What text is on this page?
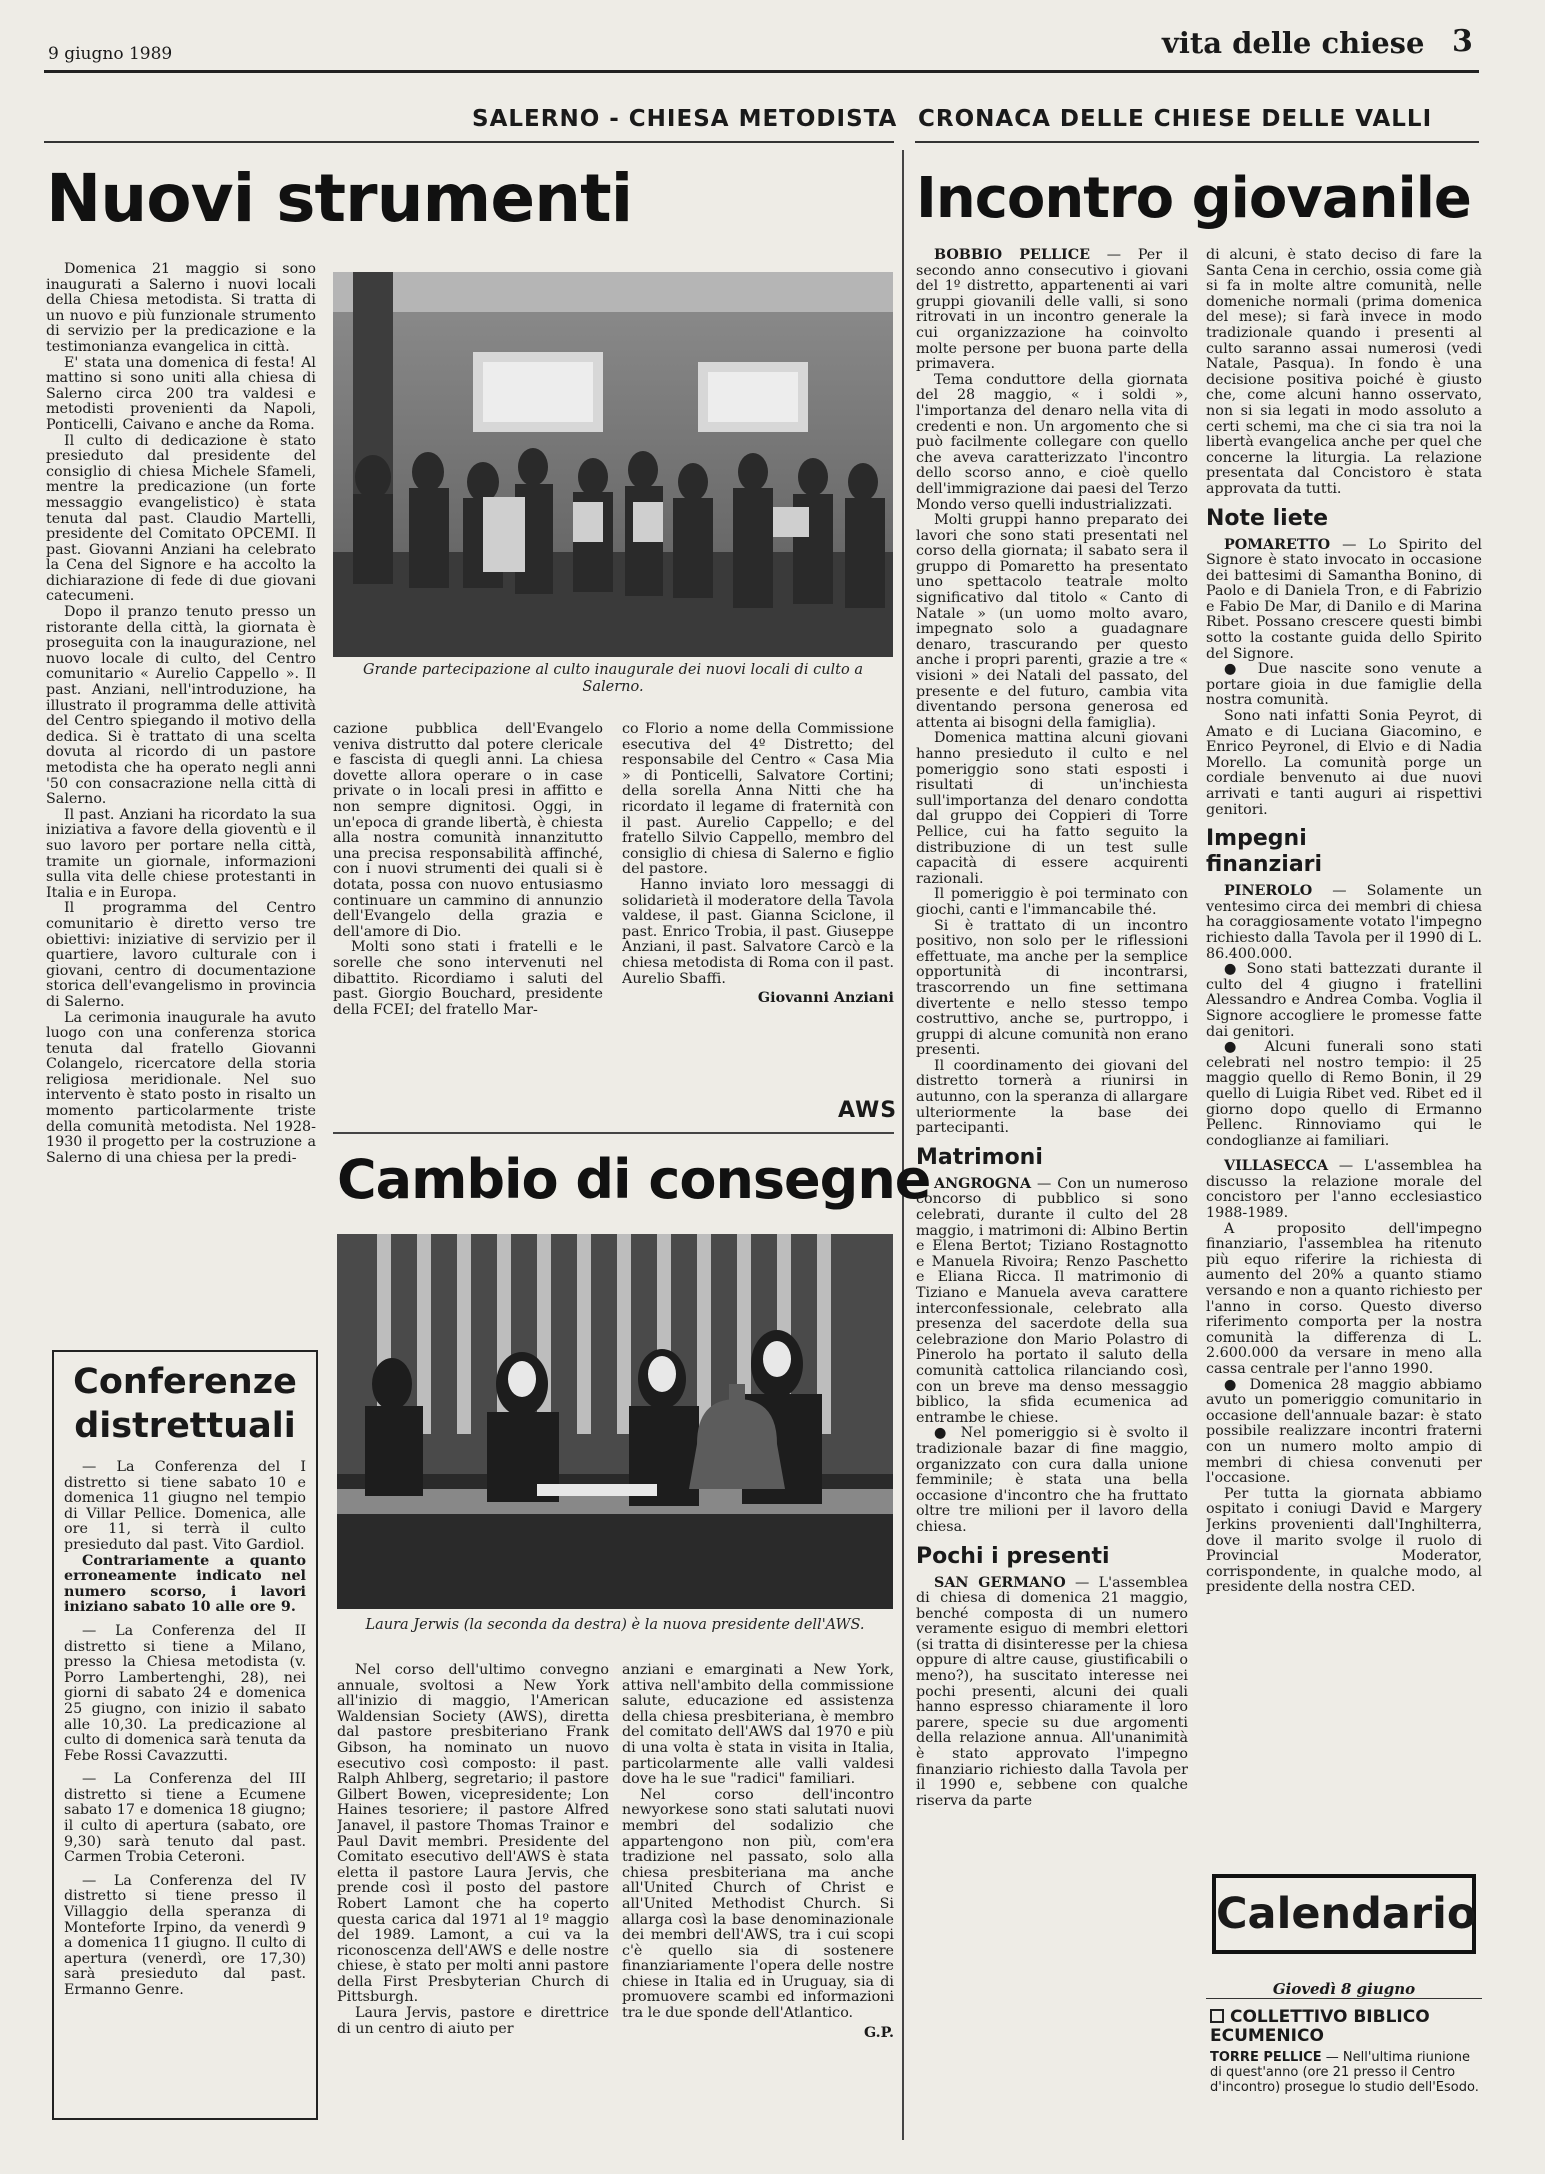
9 giugno 1989	vita delle chiese 3
SALERNO - CHIESA METODISTA
Nuovi strumenti
CRONACA DELLE CHIESE DELLE VALLI
Incontro giovanile

Domenica 21 maggio si sono inaugurati a Salerno i nuovi locali della Chiesa metodista. Si tratta di un nuovo e più funzionale strumento di servizio per la predicazione e la testimonianza evangelica in città.

E' stata una domenica di festa! Al mattino si sono uniti alla chiesa di Salerno circa 200 tra valdesi e metodisti provenienti da Napoli, Ponticelli, Caivano e anche da Roma.

Il culto di dedicazione è stato presieduto dal presidente del consiglio di chiesa Michele Sfameli, mentre la predicazione (un forte messaggio evangelistico) è stata tenuta dal past. Claudio Martelli, presidente del Comitato OPCEMI. Il past. Giovanni Anziani ha celebrato la Cena del Signore e ha accolto la dichiarazione di fede di due giovani catecumeni.

Dopo il pranzo tenuto presso un ristorante della città, la giornata è proseguita con la inaugurazione, nel nuovo locale di culto, del Centro comunitario « Aurelio Cappello ». Il past. Anziani, nell'introduzione, ha illustrato il programma delle attività del Centro spiegando il motivo della dedica. Si è trattato di una scelta dovuta al ricordo di un pastore metodista che ha operato negli anni '50 con consacrazione nella città di Salerno.

Il past. Anziani ha ricordato la sua iniziativa a favore della gioventù e il suo lavoro per portare nella città, tramite un giornale, informazioni sulla vita delle chiese protestanti in Italia e in Europa.

Il programma del Centro comunitario è diretto verso tre obiettivi: iniziative di servizio per il quartiere, lavoro culturale con i giovani, centro di documentazione storica dell'evangelismo in provincia di Salerno.

La cerimonia inaugurale ha avuto luogo con una conferenza storica tenuta dal fratello Giovanni Colangelo, ricercatore della storia religiosa meridionale. Nel suo intervento è stato posto in risalto un momento particolarmente triste della comunità metodista. Nel 1928-1930 il progetto per la costruzione a Salerno di una chiesa per la predi-

Grande partecipazione al culto inaugurale dei nuovi locali di culto a Salerno.

cazione pubblica dell'Evangelo veniva distrutto dal potere clericale e fascista di quegli anni. La chiesa dovette allora operare o in case private o in locali presi in affitto e non sempre dignitosi. Oggi, in un'epoca di grande libertà, è chiesta alla nostra comunità innanzitutto una precisa responsabilità affinché, con i nuovi strumenti dei quali si è dotata, possa con nuovo entusiasmo continuare un cammino di annunzio dell'Evangelo della grazia e dell'amore di Dio.

Molti sono stati i fratelli e le sorelle che sono intervenuti nel dibattito. Ricordiamo i saluti del past. Giorgio Bouchard, presidente della FCEI; del fratello Mar-

co Florio a nome della Commissione esecutiva del 4º Distretto; del responsabile del Centro « Casa Mia » di Ponticelli, Salvatore Cortini; della sorella Anna Nitti che ha ricordato il legame di fraternità con il past. Aurelio Cappello; e del fratello Silvio Cappello, membro del consiglio di chiesa di Salerno e figlio del pastore.

Hanno inviato loro messaggi di solidarietà il moderatore della Tavola valdese, il past. Gianna Sciclone, il past. Enrico Trobia, il past. Giuseppe Anziani, il past. Salvatore Carcò e la chiesa metodista di Roma con il past. Aurelio Sbaffi.

Giovanni Anziani

AWS
Cambio di consegne
Laura Jerwis (la seconda da destra) è la nuova presidente dell'AWS.

Nel corso dell'ultimo convegno annuale, svoltosi a New York all'inizio di maggio, l'American Waldensian Society (AWS), diretta dal pastore presbiteriano Frank Gibson, ha nominato un nuovo esecutivo così composto: il past. Ralph Ahlberg, segretario; il pastore Gilbert Bowen, vicepresidente; Lon Haines tesoriere; il pastore Alfred Janavel, il pastore Thomas Trainor e Paul Davit membri. Presidente del Comitato esecutivo dell'AWS è stata eletta il pastore Laura Jervis, che prende così il posto del pastore Robert Lamont che ha coperto questa carica dal 1971 al 1º maggio del 1989. Lamont, a cui va la riconoscenza dell'AWS e delle nostre chiese, è stato per molti anni pastore della First Presbyterian Church di Pittsburgh.

Laura Jervis, pastore e direttrice di un centro di aiuto per

anziani e emarginati a New York, attiva nell'ambito della commissione salute, educazione ed assistenza della chiesa presbiteriana, è membro del comitato dell'AWS dal 1970 e più di una volta è stata in visita in Italia, particolarmente alle valli valdesi dove ha le sue "radici" familiari.

Nel corso dell'incontro newyorkese sono stati salutati nuovi membri del sodalizio che appartengono non più, com'era tradizione nel passato, solo alla chiesa presbiteriana ma anche all'United Church of Christ e all'United Methodist Church. Si allarga così la base denominazionale dei membri dell'AWS, tra i cui scopi c'è quello sia di sostenere finanziariamente l'opera delle nostre chiese in Italia ed in Uruguay, sia di promuovere scambi ed informazioni tra le due sponde dell'Atlantico.

G.P.

Conferenze distrettuali

— La Conferenza del I distretto si tiene sabato 10 e domenica 11 giugno nel tempio di Villar Pellice. Domenica, alle ore 11, si terrà il culto presieduto dal past. Vito Gardiol.

Contrariamente a quanto erroneamente indicato nel numero scorso, i lavori iniziano sabato 10 alle ore 9.

— La Conferenza del II distretto si tiene a Milano, presso la Chiesa metodista (v. Porro Lambertenghi, 28), nei giorni di sabato 24 e domenica 25 giugno, con inizio il sabato alle 10,30. La predicazione al culto di domenica sarà tenuta da Febe Rossi Cavazzutti.

— La Conferenza del III distretto si tiene a Ecumene sabato 17 e domenica 18 giugno; il culto di apertura (sabato, ore 9,30) sarà tenuto dal past. Carmen Trobia Ceteroni.

— La Conferenza del IV distretto si tiene presso il Villaggio della speranza di Monteforte Irpino, da venerdì 9 a domenica 11 giugno. Il culto di apertura (venerdì, ore 17,30) sarà presieduto dal past. Ermanno Genre.

BOBBIO PELLICE — Per il secondo anno consecutivo i giovani del 1º distretto, appartenenti ai vari gruppi giovanili delle valli, si sono ritrovati in un incontro generale la cui organizzazione ha coinvolto molte persone per buona parte della primavera.

Tema conduttore della giornata del 28 maggio, « i soldi », l'importanza del denaro nella vita di credenti e non. Un argomento che si può facilmente collegare con quello che aveva caratterizzato l'incontro dello scorso anno, e cioè quello dell'immigrazione dai paesi del Terzo Mondo verso quelli industrializzati.

Molti gruppi hanno preparato dei lavori che sono stati presentati nel corso della giornata; il sabato sera il gruppo di Pomaretto ha presentato uno spettacolo teatrale molto significativo dal titolo « Canto di Natale » (un uomo molto avaro, impegnato solo a guadagnare denaro, trascurando per questo anche i propri parenti, grazie a tre « visioni » dei Natali del passato, del presente e del futuro, cambia vita diventando persona generosa ed attenta ai bisogni della famiglia).

Domenica mattina alcuni giovani hanno presieduto il culto e nel pomeriggio sono stati esposti i risultati di un'inchiesta sull'importanza del denaro condotta dal gruppo dei Coppieri di Torre Pellice, cui ha fatto seguito la distribuzione di un test sulle capacità di essere acquirenti razionali.

Il pomeriggio è poi terminato con giochi, canti e l'immancabile thé.

Si è trattato di un incontro positivo, non solo per le riflessioni effettuate, ma anche per la semplice opportunità di incontrarsi, trascorrendo un fine settimana divertente e nello stesso tempo costruttivo, anche se, purtroppo, i gruppi di alcune comunità non erano presenti.

Il coordinamento dei giovani del distretto tornerà a riunirsi in autunno, con la speranza di allargare ulteriormente la base dei partecipanti.

Matrimoni

ANGROGNA — Con un numeroso concorso di pubblico si sono celebrati, durante il culto del 28 maggio, i matrimoni di: Albino Bertin e Elena Bertot; Tiziano Rostagnotto e Manuela Rivoira; Renzo Paschetto e Eliana Ricca. Il matrimonio di Tiziano e Manuela aveva carattere interconfessionale, celebrato alla presenza del sacerdote della sua celebrazione don Mario Polastro di Pinerolo ha portato il saluto della comunità cattolica rilanciando così, con un breve ma denso messaggio biblico, la sfida ecumenica ad entrambe le chiese.

● Nel pomeriggio si è svolto il tradizionale bazar di fine maggio, organizzato con cura dalla unione femminile; è stata una bella occasione d'incontro che ha fruttato oltre tre milioni per il lavoro della chiesa.

Pochi i presenti

SAN GERMANO — L'assemblea di chiesa di domenica 21 maggio, benché composta di un numero veramente esiguo di membri elettori (si tratta di disinteresse per la chiesa oppure di altre cause, giustificabili o meno?), ha suscitato interesse nei pochi presenti, alcuni dei quali hanno espresso chiaramente il loro parere, specie su due argomenti della relazione annua. All'unanimità è stato approvato l'impegno finanziario richiesto dalla Tavola per il 1990 e, sebbene con qualche riserva da parte

di alcuni, è stato deciso di fare la Santa Cena in cerchio, ossia come già si fa in molte altre comunità, nelle domeniche normali (prima domenica del mese); si farà invece in modo tradizionale quando i presenti al culto saranno assai numerosi (vedi Natale, Pasqua). In fondo è una decisione positiva poiché è giusto che, come alcuni hanno osservato, non si sia legati in modo assoluto a certi schemi, ma che ci sia tra noi la libertà evangelica anche per quel che concerne la liturgia. La relazione presentata dal Concistoro è stata approvata da tutti.

Note liete

POMARETTO — Lo Spirito del Signore è stato invocato in occasione dei battesimi di Samantha Bonino, di Paolo e di Daniela Tron, e di Fabrizio e Fabio De Mar, di Danilo e di Marina Ribet. Possano crescere questi bimbi sotto la costante guida dello Spirito del Signore.

● Due nascite sono venute a portare gioia in due famiglie della nostra comunità.

Sono nati infatti Sonia Peyrot, di Amato e di Luciana Giacomino, e Enrico Peyronel, di Elvio e di Nadia Morello. La comunità porge un cordiale benvenuto ai due nuovi arrivati e tanti auguri ai rispettivi genitori.

Impegni finanziari

PINEROLO — Solamente un ventesimo circa dei membri di chiesa ha coraggiosamente votato l'impegno richiesto dalla Tavola per il 1990 di L. 86.400.000.

● Sono stati battezzati durante il culto del 4 giugno i fratellini Alessandro e Andrea Comba. Voglia il Signore accogliere le promesse fatte dai genitori.

● Alcuni funerali sono stati celebrati nel nostro tempio: il 25 maggio quello di Remo Bonin, il 29 quello di Luigia Ribet ved. Ribet ed il giorno dopo quello di Ermanno Pellenc. Rinnoviamo qui le condoglianze ai familiari.

VILLASECCA — L'assemblea ha discusso la relazione morale del concistoro per l'anno ecclesiastico 1988-1989.

A proposito dell'impegno finanziario, l'assemblea ha ritenuto più equo riferire la richiesta di aumento del 20% a quanto stiamo versando e non a quanto richiesto per l'anno in corso. Questo diverso riferimento comporta per la nostra comunità la differenza di L. 2.600.000 da versare in meno alla cassa centrale per l'anno 1990.

● Domenica 28 maggio abbiamo avuto un pomeriggio comunitario in occasione dell'annuale bazar: è stato possibile realizzare incontri fraterni con un numero molto ampio di membri di chiesa convenuti per l'occasione.

Per tutta la giornata abbiamo ospitato i coniugi David e Margery Jerkins provenienti dall'Inghilterra, dove il marito svolge il ruolo di Provincial Moderator, corrispondente, in qualche modo, al presidente della nostra CED.

Calendario
Giovedì 8 giugno
COLLETTIVO BIBLICO ECUMENICO
TORRE PELLICE — Nell'ultima riunione di quest'anno (ore 21 presso il Centro d'incontro) prosegue lo studio dell'Esodo.
